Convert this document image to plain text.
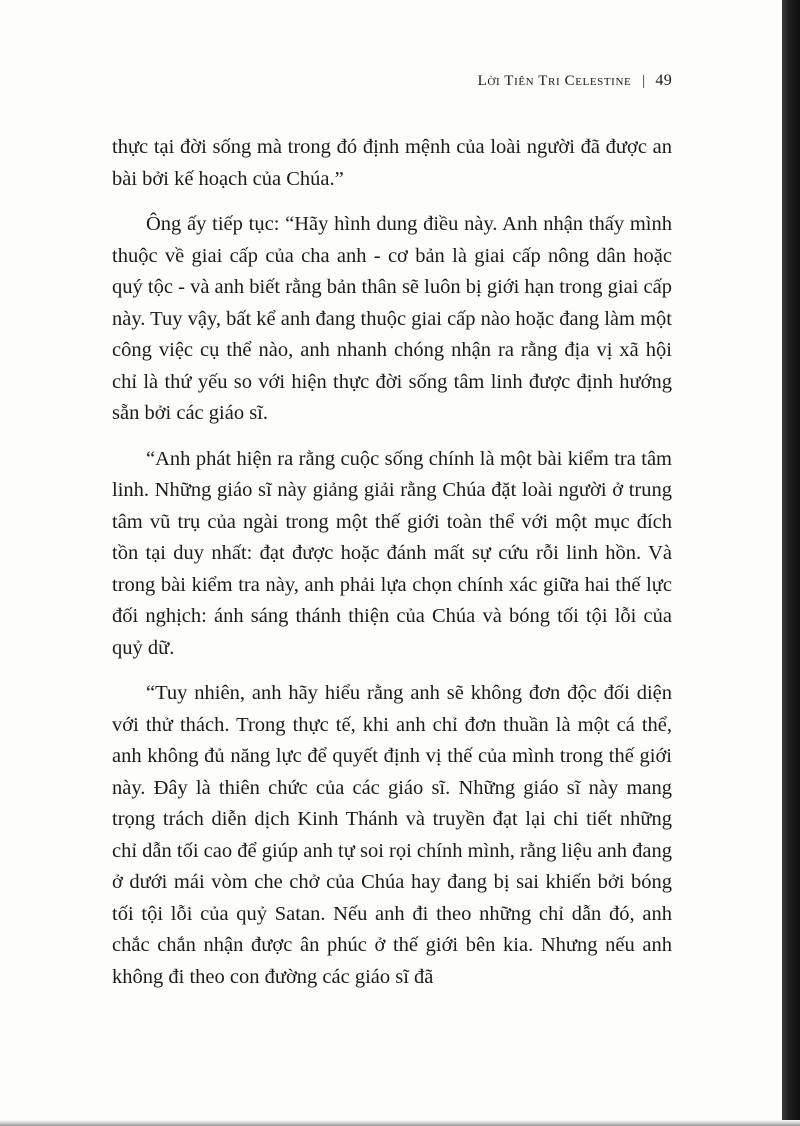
Lời Tiên Tri Celestine | 49

thực tại đời sống mà trong đó định mệnh của loài người đã được an bài bởi kế hoạch của Chúa.”

Ông ấy tiếp tục: “Hãy hình dung điều này. Anh nhận thấy mình thuộc về giai cấp của cha anh - cơ bản là giai cấp nông dân hoặc quý tộc - và anh biết rằng bản thân sẽ luôn bị giới hạn trong giai cấp này. Tuy vậy, bất kể anh đang thuộc giai cấp nào hoặc đang làm một công việc cụ thể nào, anh nhanh chóng nhận ra rằng địa vị xã hội chỉ là thứ yếu so với hiện thực đời sống tâm linh được định hướng sẵn bởi các giáo sĩ.

“Anh phát hiện ra rằng cuộc sống chính là một bài kiểm tra tâm linh. Những giáo sĩ này giảng giải rằng Chúa đặt loài người ở trung tâm vũ trụ của ngài trong một thế giới toàn thể với một mục đích tồn tại duy nhất: đạt được hoặc đánh mất sự cứu rỗi linh hồn. Và trong bài kiểm tra này, anh phải lựa chọn chính xác giữa hai thế lực đối nghịch: ánh sáng thánh thiện của Chúa và bóng tối tội lỗi của quỷ dữ.

“Tuy nhiên, anh hãy hiểu rằng anh sẽ không đơn độc đối diện với thử thách. Trong thực tế, khi anh chỉ đơn thuần là một cá thể, anh không đủ năng lực để quyết định vị thế của mình trong thế giới này. Đây là thiên chức của các giáo sĩ. Những giáo sĩ này mang trọng trách diễn dịch Kinh Thánh và truyền đạt lại chi tiết những chỉ dẫn tối cao để giúp anh tự soi rọi chính mình, rằng liệu anh đang ở dưới mái vòm che chở của Chúa hay đang bị sai khiến bởi bóng tối tội lỗi của quỷ Satan. Nếu anh đi theo những chỉ dẫn đó, anh chắc chắn nhận được ân phúc ở thế giới bên kia. Nhưng nếu anh không đi theo con đường các giáo sĩ đã
